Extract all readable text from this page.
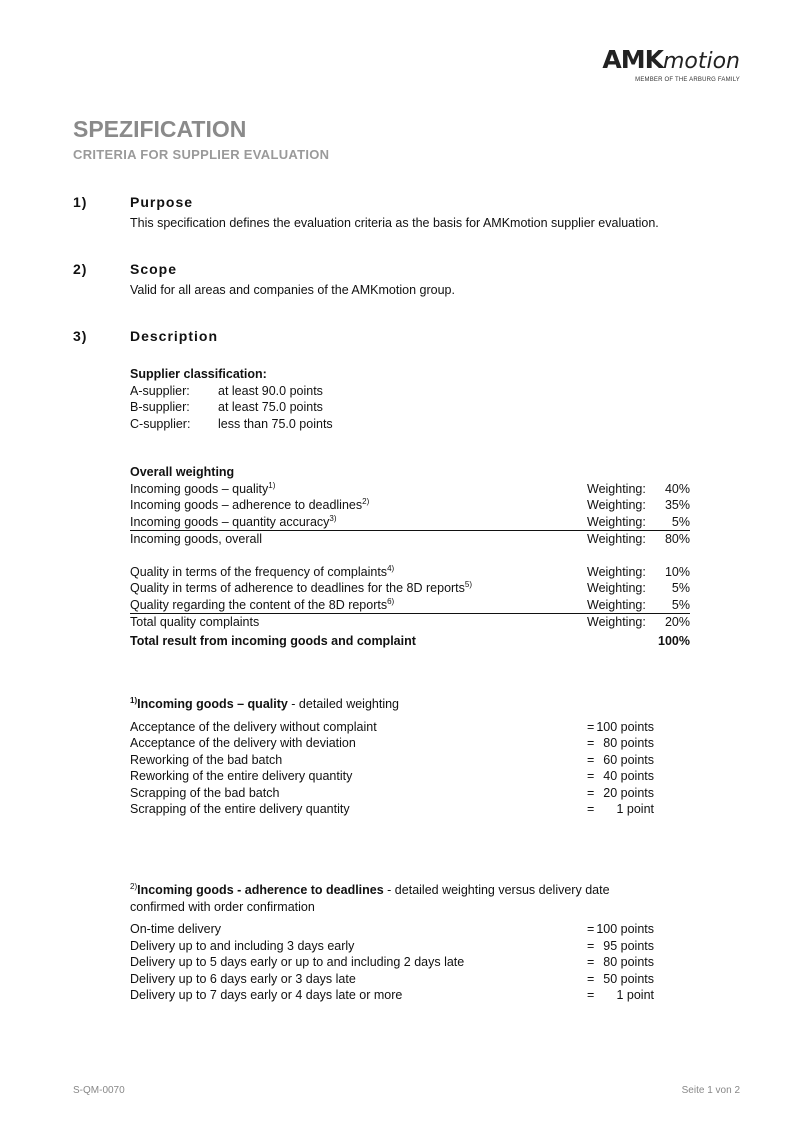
AMKmotion
MEMBER OF THE ARBURG FAMILY
SPEZIFICATION
CRITERIA FOR SUPPLIER EVALUATION
1)	Purpose
This specification defines the evaluation criteria as the basis for AMKmotion supplier evaluation.
2)	Scope
Valid for all areas and companies of the AMKmotion group.
3)	Description
Supplier classification:
A-supplier: at least 90.0 points
B-supplier: at least 75.0 points
C-supplier: less than 75.0 points
Overall weighting
Incoming goods – quality$^{1)}$	Weighting: 40%
Incoming goods – adherence to deadlines$^{2)}$	Weighting: 35%
Incoming goods – quantity accuracy$^{3)}$	Weighting: 5%
Incoming goods, overall	Weighting: 80%
Quality in terms of the frequency of complaints$^{4)}$	Weighting: 10%
Quality in terms of adherence to deadlines for the 8D reports$^{5)}$	Weighting: 5%
Quality regarding the content of the 8D reports$^{6)}$	Weighting: 5%
Total quality complaints	Weighting: 20%
Total result from incoming goods and complaint	100%
$^{1)}$Incoming goods – quality - detailed weighting
Acceptance of the delivery without complaint	= 100 points
Acceptance of the delivery with deviation	= 80 points
Reworking of the bad batch	= 60 points
Reworking of the entire delivery quantity	= 40 points
Scrapping of the bad batch	= 20 points
Scrapping of the entire delivery quantity	= 1 point
$^{2)}$Incoming goods - adherence to deadlines - detailed weighting versus delivery date
confirmed with order confirmation
On-time delivery	= 100 points
Delivery up to and including 3 days early	= 95 points
Delivery up to 5 days early or up to and including 2 days late	= 80 points
Delivery up to 6 days early or 3 days late	= 50 points
Delivery up to 7 days early or 4 days late or more	= 1 point
S-QM-0070	Seite 1 von 2
